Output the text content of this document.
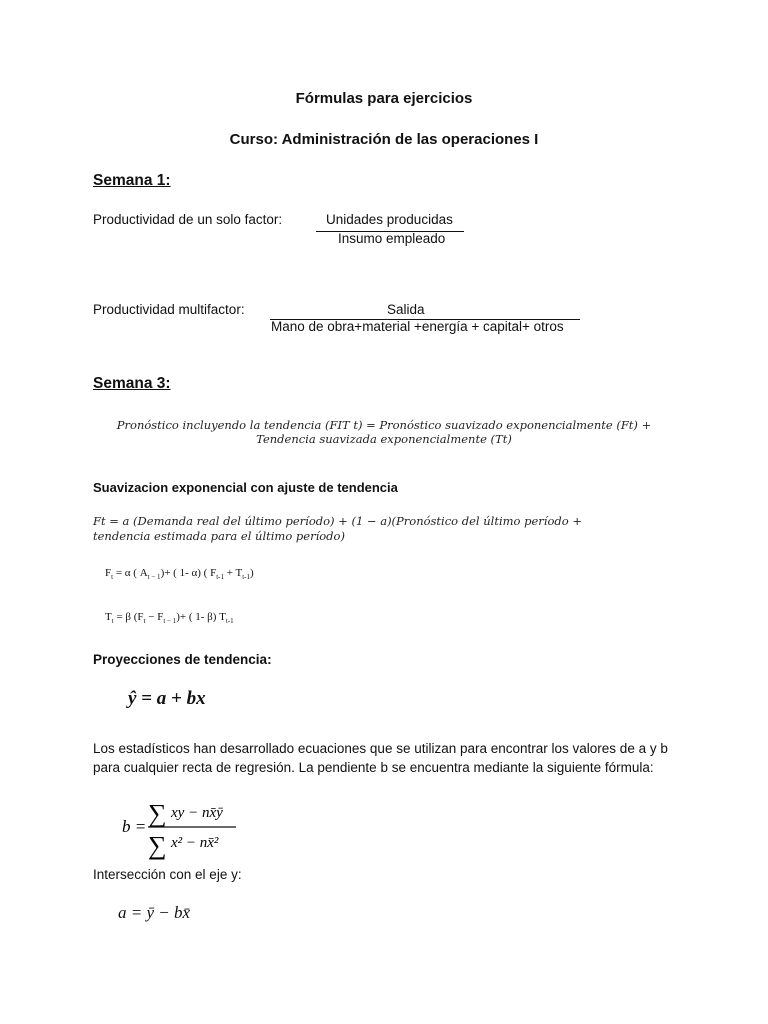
Fórmulas para ejercicios
Curso: Administración de las operaciones I
Semana 1:
Productividad de un solo factor:	Unidades producidas
Insumo empleado
Productividad multifactor:	Salida
Mano de obra+material +energía + capital+ otros
Semana 3:
Pronóstico incluyendo la tendencia (FIT t) = Pronóstico suavizado exponencialmente (Ft) +
Tendencia suavizada exponencialmente (Tt)
Suavizacion exponencial con ajuste de tendencia
Ft = a (Demanda real del último período) + (1 − a)(Pronóstico del último período +
tendencia estimada para el último período)
$F_t = \alpha$ ( $A_{t - 1})+$ ( 1- α) ( $F_{t-1} + T_{t-1}$)
$T_t = \beta$ $(F_t - F_{t - 1})+$ ( 1- β) $T_{t-1}$
Proyecciones de tendencia:
ŷ = a + bx
Los estadísticos han desarrollado ecuaciones que se utilizan para encontrar los valores de a y b para cualquier recta de regresión. La pendiente b se encuentra mediante la siguiente fórmula:
b = ∑ xy − nx̄ȳ
∑ x² − nx̄²
Intersección con el eje y:
a = ȳ − bx̄
